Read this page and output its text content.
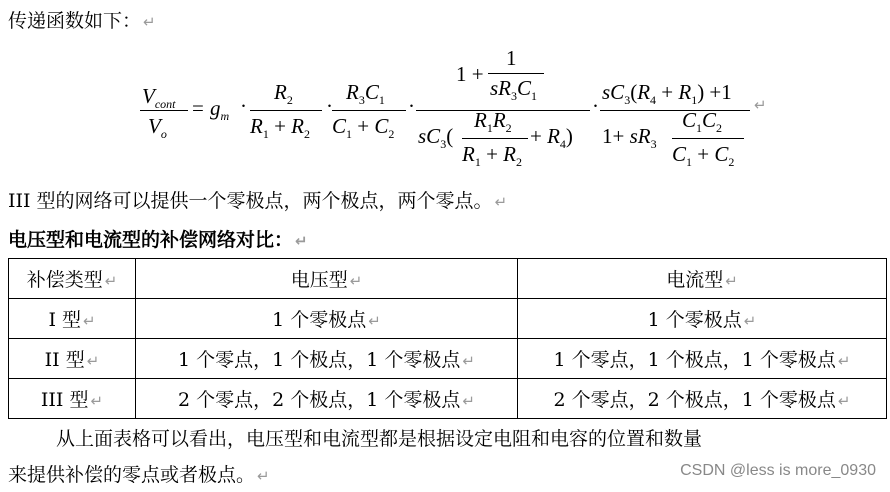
传递函数如下： ↵
$V_{cont}$
$V_o$
= $g_m$ ·
$R_2$
$R_1 + R_2$
·
$R_3C_1$
$C_1 + C_2$
·
1 +
1
$sR_3C_1$
$sC_3$(
$R_1R_2$
$R_1 + R_2$
+ $R_4$)
·
$sC_3(R_4 + R_1) +1$
$1+ sR_3$
$C_1C_2$
$C_1 + C_2$
↵
III 型的网络可以提供一个零极点，两个极点，两个零点。 ↵
电压型和电流型的补偿网络对比： ↵
补偿类型 ↵	电压型 ↵	电流型 ↵
I 型 ↵	1 个零极点 ↵	1 个零极点 ↵
II 型 ↵	1 个零点，1 个极点，1 个零极点 ↵	1 个零点，1 个极点，1 个零极点 ↵
III 型 ↵	2 个零点，2 个极点，1 个零极点 ↵	2 个零点，2 个极点，1 个零极点 ↵
从上面表格可以看出，电压型和电流型都是根据设定电阻和电容的位置和数量
来提供补偿的零点或者极点。 ↵	CSDN @less is more_0930
